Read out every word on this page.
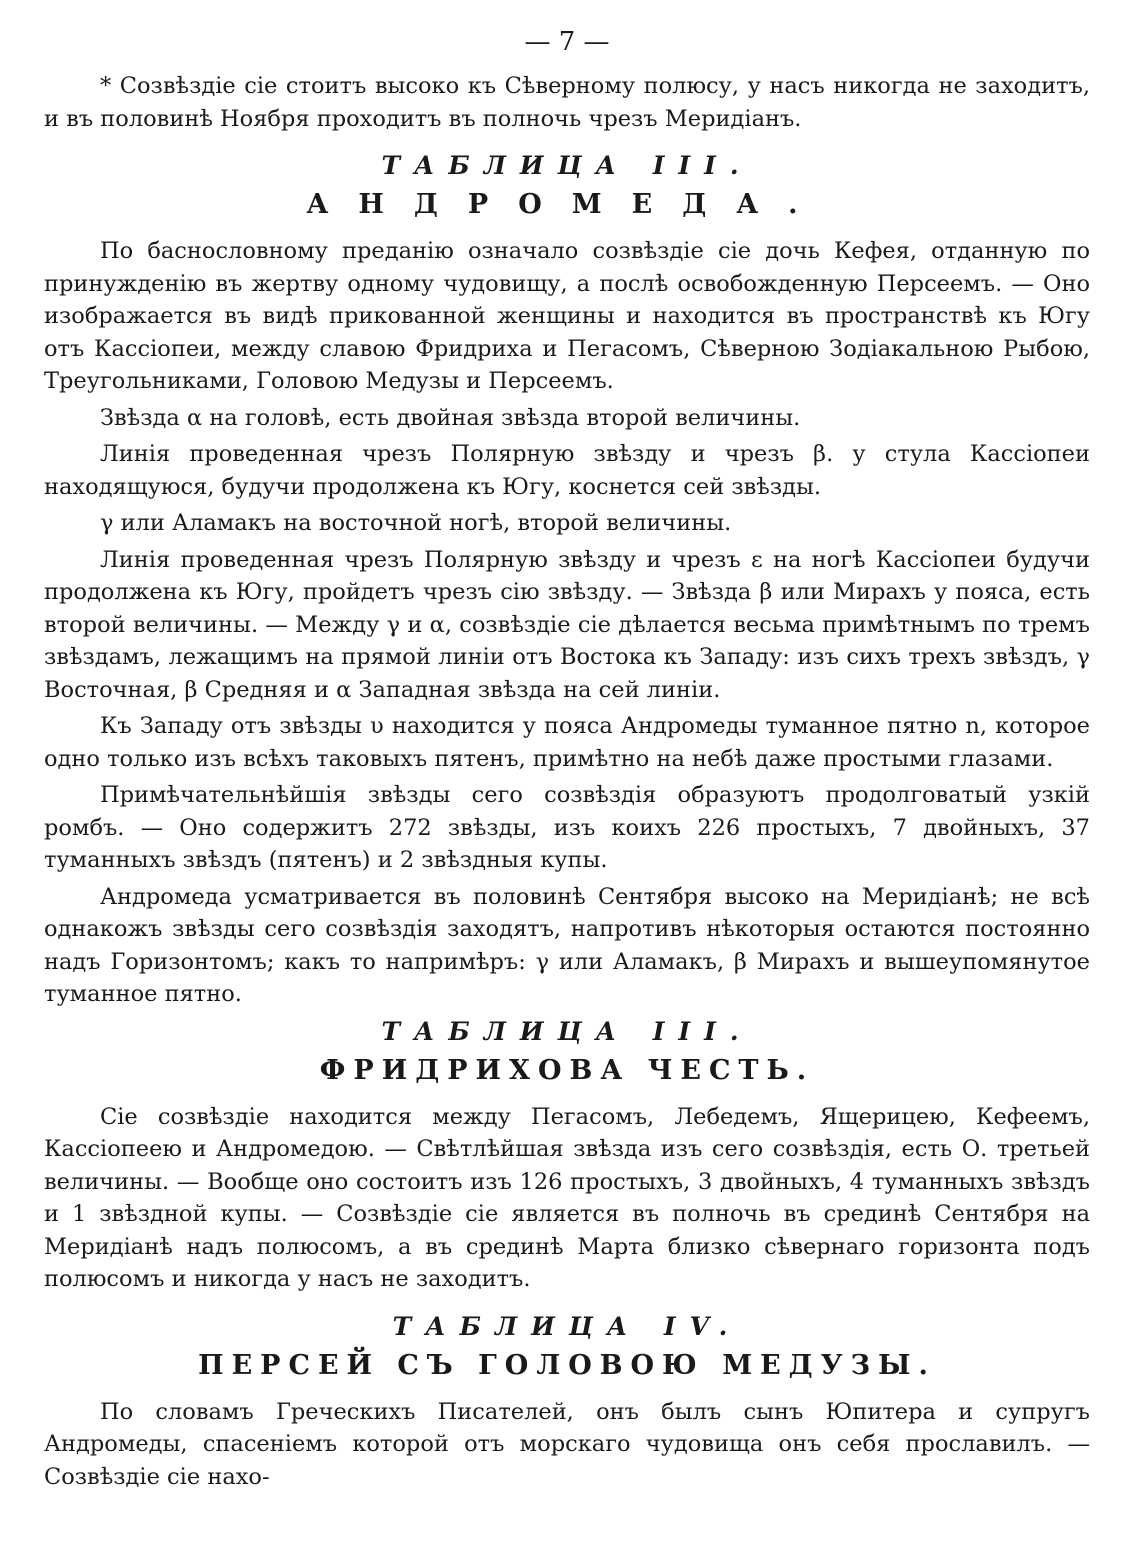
— 7 —

* Созвѣздіе сіе стоитъ высоко къ Сѣверному полюсу, у насъ никогда не заходитъ, и въ половинѣ Ноября проходитъ въ полночь чрезъ Меридіанъ.

ТАБЛИЦА III.
АНДРОМЕДА.

По баснословному преданію означало созвѣздіе сіе дочь Кефея, отданную по принужденію въ жертву одному чудовищу, а послѣ освобожденную Персеемъ. — Оно изображается въ видѣ прикованной женщины и находится въ пространствѣ къ Югу отъ Кассіопеи, между славою Фридриха и Пегасомъ, Сѣверною Зодіакальною Рыбою, Треугольниками, Головою Медузы и Персеемъ.

Звѣзда α на головѣ, есть двойная звѣзда второй величины.

Линія проведенная чрезъ Полярную звѣзду и чрезъ β. у стула Кассіопеи находящуюся, будучи продолжена къ Югу, коснется сей звѣзды.

γ или Аламакъ на восточной ногѣ, второй величины.

Линія проведенная чрезъ Полярную звѣзду и чрезъ ε на ногѣ Кассіопеи будучи продолжена къ Югу, пройдетъ чрезъ сію звѣзду. — Звѣзда β или Мирахъ у пояса, есть второй величины. — Между γ и α, созвѣздіе сіе дѣлается весьма примѣтнымъ по тремъ звѣздамъ, лежащимъ на прямой линіи отъ Востока къ Западу: изъ сихъ трехъ звѣздъ, γ Восточная, β Средняя и α Западная звѣзда на сей линіи.

Къ Западу отъ звѣзды υ находится у пояса Андромеды туманное пятно n, которое одно только изъ всѣхъ таковыхъ пятенъ, примѣтно на небѣ даже простыми глазами.

Примѣчательнѣйшія звѣзды сего созвѣздія образуютъ продолговатый узкій ромбъ. — Оно содержитъ 272 звѣзды, изъ коихъ 226 простыхъ, 7 двойныхъ, 37 туманныхъ звѣздъ (пятенъ) и 2 звѣздныя купы.

Андромеда усматривается въ половинѣ Сентября высоко на Меридіанѣ; не всѣ однакожъ звѣзды сего созвѣздія заходятъ, напротивъ нѣкоторыя остаются постоянно надъ Горизонтомъ; какъ то напримѣръ: γ или Аламакъ, β Мирахъ и вышеупомянутое туманное пятно.

ТАБЛИЦА III.
ФРИДРИХОВА ЧЕСТЬ.

Сіе созвѣздіе находится между Пегасомъ, Лебедемъ, Ящерицею, Кефеемъ, Кассіопеею и Андромедою. — Свѣтлѣйшая звѣзда изъ сего созвѣздія, есть О. третьей величины. — Вообще оно состоитъ изъ 126 простыхъ, 3 двойныхъ, 4 туманныхъ звѣздъ и 1 звѣздной купы. — Созвѣздіе сіе является въ полночь въ срединѣ Сентября на Меридіанѣ надъ полюсомъ, а въ срединѣ Марта близко сѣвернаго горизонта подъ полюсомъ и никогда у насъ не заходитъ.

ТАБЛИЦА IV.
ПЕРСЕЙ СЪ ГОЛОВОЮ МЕДУЗЫ.

По словамъ Греческихъ Писателей, онъ былъ сынъ Юпитера и супругъ Андромеды, спасеніемъ которой отъ морскаго чудовища онъ себя прославилъ. — Созвѣздіе сіе нахо-
